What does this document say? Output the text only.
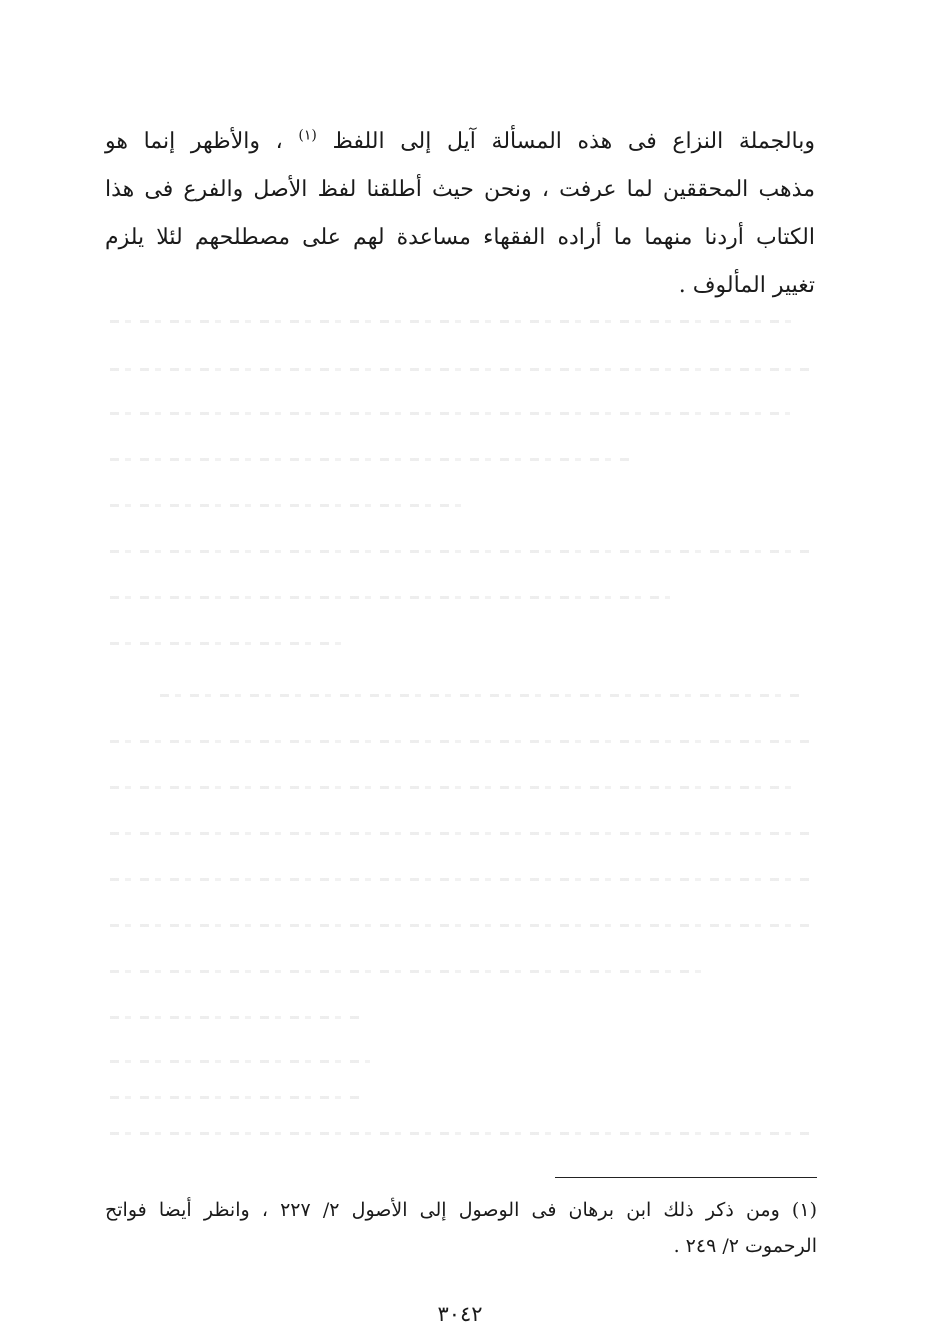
وبالجملة النزاع فى هذه المسألة آيل إلى اللفظ $^{(١)}$ ، والأظهر إنما هو
مذهب المحققين لما عرفت ، ونحن حيث أطلقنا لفظ الأصل والفرع فى هذا
الكتاب أردنا منهما ما أراده الفقهاء مساعدة لهم على مصطلحهم لئلا يلزم
تغيير المألوف .
(١) ومن ذكر ذلك ابن برهان فى الوصول إلى الأصول ٢/ ٢٢٧ ، وانظر أيضا فواتح
الرحموت ٢/ ٢٤٩ .
٣٠٤٢
